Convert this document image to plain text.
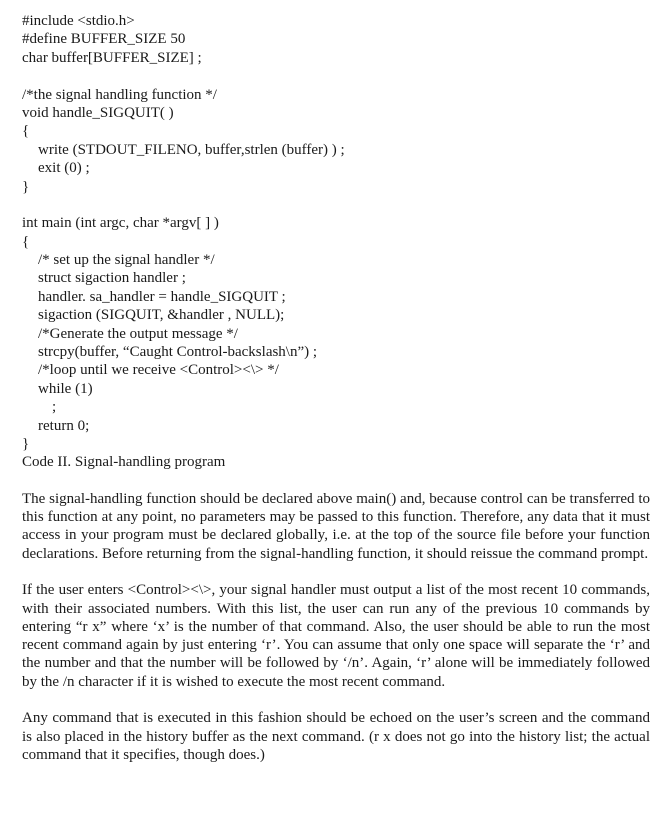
#include <stdio.h>
#define BUFFER_SIZE 50
char buffer[BUFFER_SIZE] ;
/*the signal handling function */
void handle_SIGQUIT( )
{
write (STDOUT_FILENO, buffer,strlen (buffer) ) ;
exit (0) ;
}
int main (int argc, char *argv[ ] )
{
/* set up the signal handler */
struct sigaction handler ;
handler. sa_handler = handle_SIGQUIT ;
sigaction (SIGQUIT, &handler , NULL);
/*Generate the output message */
strcpy(buffer, “Caught Control-backslash\n”) ;
/*loop until we receive <Control><\> */
while (1)
;
return 0;
}
Code II. Signal-handling program

The signal-handling function should be declared above main() and, because control can be transferred to this function at any point, no parameters may be passed to this function. Therefore, any data that it must access in your program must be declared globally, i.e. at the top of the source file before your function declarations. Before returning from the signal-handling function, it should reissue the command prompt.

If the user enters <Control><\>, your signal handler must output a list of the most recent 10 commands, with their associated numbers. With this list, the user can run any of the previous 10 commands by entering “r x” where ‘x’ is the number of that command. Also, the user should be able to run the most recent command again by just entering ‘r’. You can assume that only one space will separate the ‘r’ and the number and that the number will be followed by ‘/n’. Again, ‘r’ alone will be immediately followed by the /n character if it is wished to execute the most recent command.

Any command that is executed in this fashion should be echoed on the user’s screen and the command is also placed in the history buffer as the next command. (r x does not go into the history list; the actual command that it specifies, though does.)
